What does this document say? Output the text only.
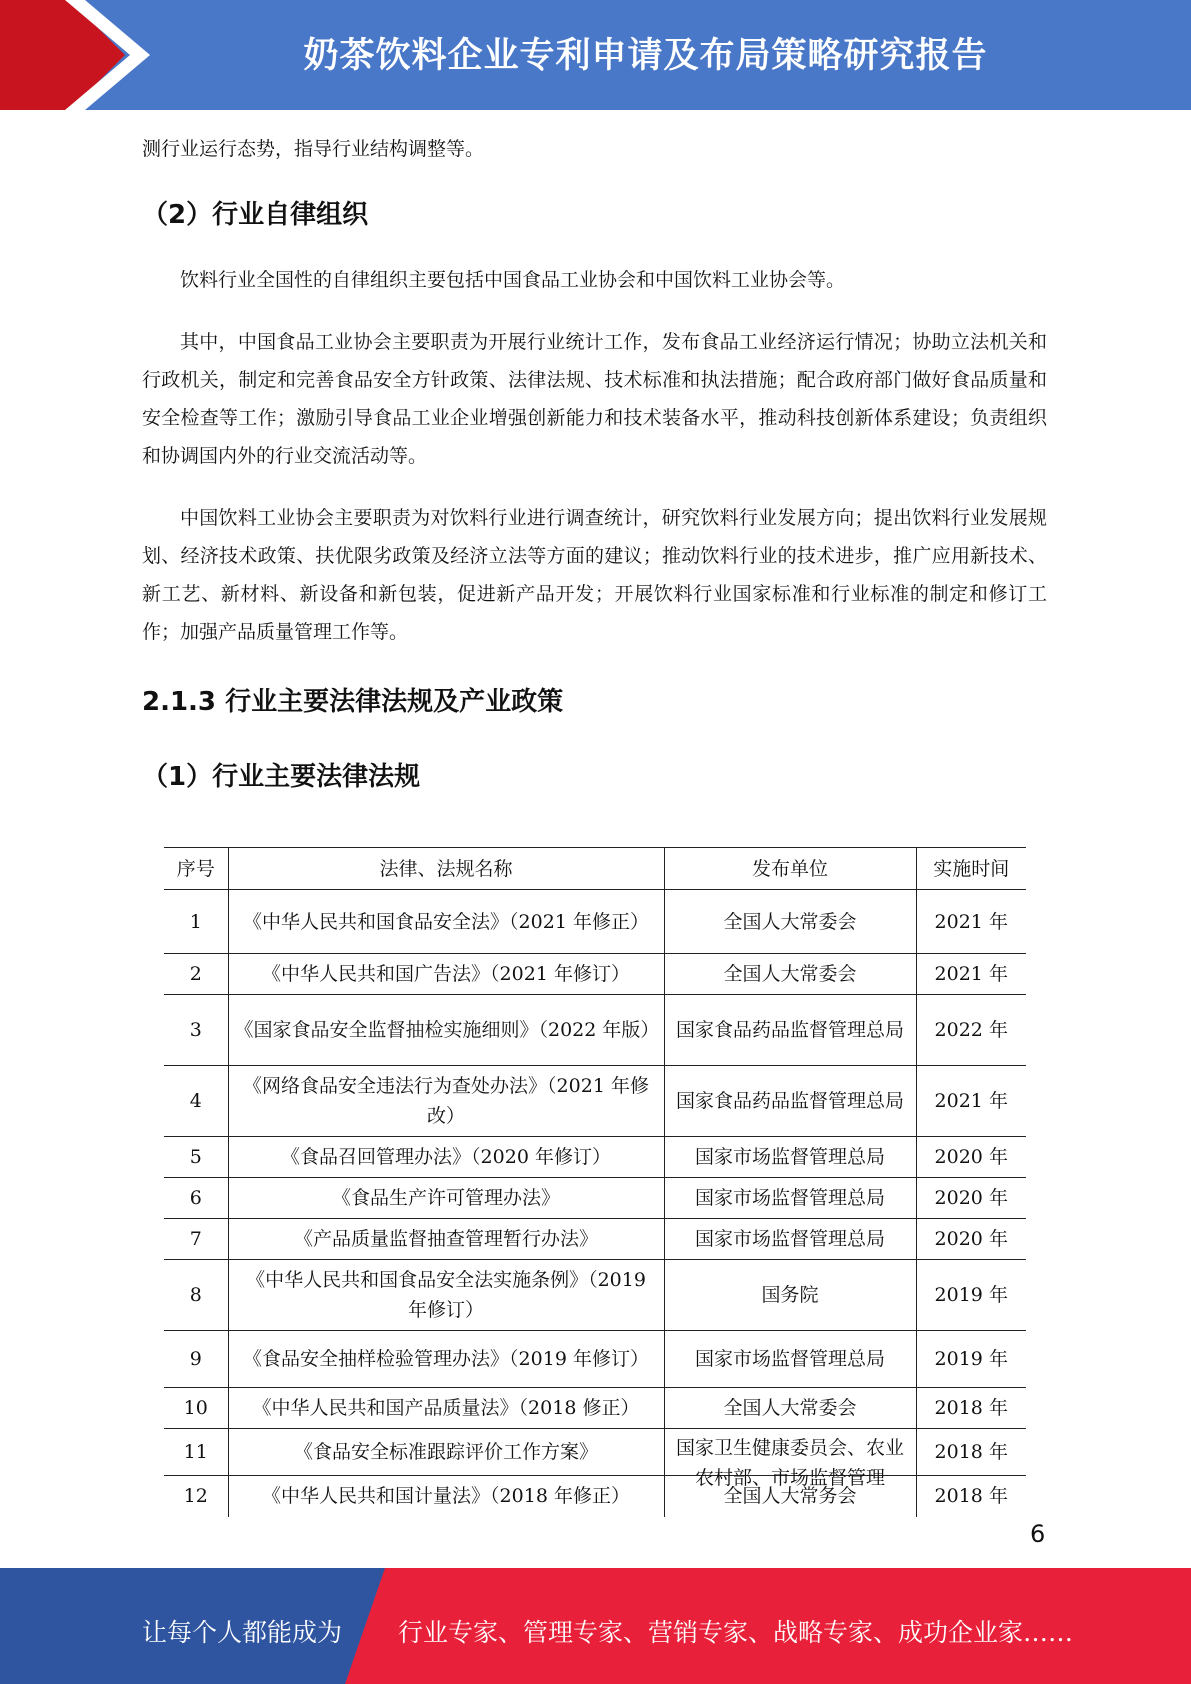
奶茶饮料企业专利申请及布局策略研究报告

测行业运行态势，指导行业结构调整等。

（2）行业自律组织

饮料行业全国性的自律组织主要包括中国食品工业协会和中国饮料工业协会等。

其中，中国食品工业协会主要职责为开展行业统计工作，发布食品工业经济运行情况；协助立法机关和行政机关，制定和完善食品安全方针政策、法律法规、技术标准和执法措施；配合政府部门做好食品质量和安全检查等工作；激励引导食品工业企业增强创新能力和技术装备水平，推动科技创新体系建设；负责组织和协调国内外的行业交流活动等。

中国饮料工业协会主要职责为对饮料行业进行调查统计，研究饮料行业发展方向；提出饮料行业发展规划、经济技术政策、扶优限劣政策及经济立法等方面的建议；推动饮料行业的技术进步，推广应用新技术、新工艺、新材料、新设备和新包装，促进新产品开发；开展饮料行业国家标准和行业标准的制定和修订工作；加强产品质量管理工作等。

2.1.3 行业主要法律法规及产业政策
（1）行业主要法律法规
序号	法律、法规名称	发布单位	实施时间
1	《中华人民共和国食品安全法》（2021 年修正）	全国人大常委会	2021 年
2	《中华人民共和国广告法》（2021 年修订）	全国人大常委会	2021 年
3	《国家食品安全监督抽检实施细则》（2022 年版）	国家食品药品监督管理总局	2022 年
4	《网络食品安全违法行为查处办法》（2021 年修改）	国家食品药品监督管理总局	2021 年
5	《食品召回管理办法》（2020 年修订）	国家市场监督管理总局	2020 年
6	《食品生产许可管理办法》	国家市场监督管理总局	2020 年
7	《产品质量监督抽查管理暂行办法》	国家市场监督管理总局	2020 年
8	《中华人民共和国食品安全法实施条例》（2019 年修订）	国务院	2019 年
9	《食品安全抽样检验管理办法》（2019 年修订）	国家市场监督管理总局	2019 年
10	《中华人民共和国产品质量法》（2018 修正）	全国人大常委会	2018 年
11	《食品安全标准跟踪评价工作方案》	国家卫生健康委员会、农业农村部、市场监督管理	2018 年
12	《中华人民共和国计量法》（2018 年修正）	全国人大常务会	2018 年
6
让每个人都能成为 行业专家、管理专家、营销专家、战略专家、成功企业家……
